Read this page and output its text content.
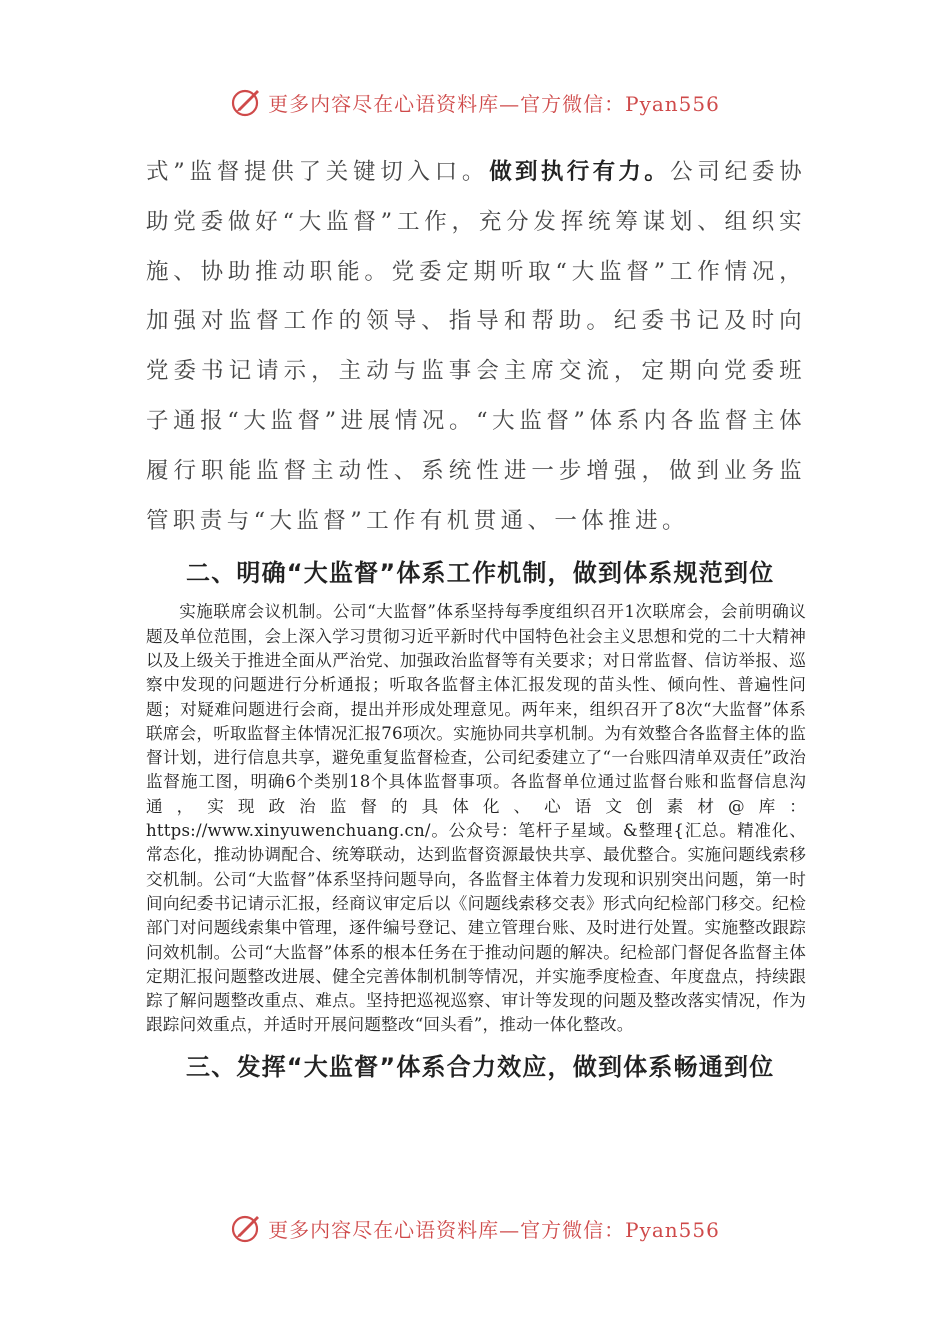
更多内容尽在心语资料库—官方微信：Pyan556

式”监督提供了关键切入口。做到执行有力。公司纪委协助党委做好“大监督”工作，充分发挥统筹谋划、组织实施、协助推动职能。党委定期听取“大监督”工作情况，加强对监督工作的领导、指导和帮助。纪委书记及时向党委书记请示，主动与监事会主席交流，定期向党委班子通报“大监督”进展情况。“大监督”体系内各监督主体履行职能监督主动性、系统性进一步增强，做到业务监管职责与“大监督”工作有机贯通、一体推进。

二、明确“大监督”体系工作机制，做到体系规范到位

实施联席会议机制。公司“大监督”体系坚持每季度组织召开1次联席会，会前明确议题及单位范围，会上深入学习贯彻习近平新时代中国特色社会主义思想和党的二十大精神以及上级关于推进全面从严治党、加强政治监督等有关要求；对日常监督、信访举报、巡察中发现的问题进行分析通报；听取各监督主体汇报发现的苗头性、倾向性、普遍性问题；对疑难问题进行会商，提出并形成处理意见。两年来，组织召开了8次“大监督”体系联席会，听取监督主体情况汇报76项次。实施协同共享机制。为有效整合各监督主体的监督计划，进行信息共享，避免重复监督检查，公司纪委建立了“一台账四清单双责任”政治监督施工图，明确6个类别18个具体监督事项。各监督单位通过监督台账和监督信息沟通，实现政治监督的具体化、心语文创素材@库：https://www.xinyuwenchuang.cn/。公众号：笔杆子星域。&整理{汇总。精准化、常态化，推动协调配合、统筹联动，达到监督资源最快共享、最优整合。实施问题线索移交机制。公司“大监督”体系坚持问题导向，各监督主体着力发现和识别突出问题，第一时间向纪委书记请示汇报，经商议审定后以《问题线索移交表》形式向纪检部门移交。纪检部门对问题线索集中管理，逐件编号登记、建立管理台账、及时进行处置。实施整改跟踪问效机制。公司“大监督”体系的根本任务在于推动问题的解决。纪检部门督促各监督主体定期汇报问题整改进展、健全完善体制机制等情况，并实施季度检查、年度盘点，持续跟踪了解问题整改重点、难点。坚持把巡视巡察、审计等发现的问题及整改落实情况，作为跟踪问效重点，并适时开展问题整改“回头看”，推动一体化整改。

三、发挥“大监督”体系合力效应，做到体系畅通到位
更多内容尽在心语资料库—官方微信：Pyan556
